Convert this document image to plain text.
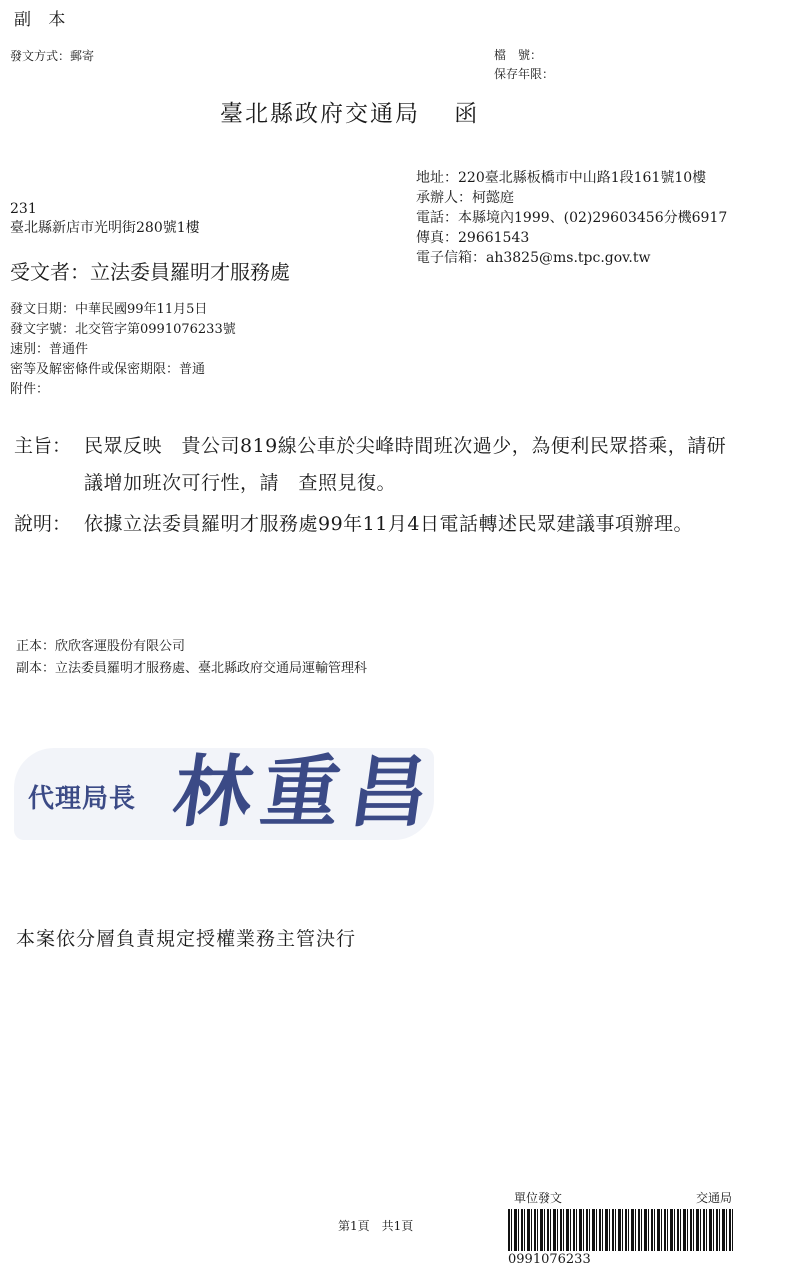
副 本
發文方式：郵寄	檔　號：
保存年限：
臺北縣政府交通局　 函
地址：220臺北縣板橋市中山路1段161號10樓
承辦人：柯懿庭
電話：本縣境內1999、(02)29603456分機6917
傳真：29661543
電子信箱：ah3825@ms.tpc.gov.tw
231
臺北縣新店市光明街280號1樓
受文者：立法委員羅明才服務處
發文日期：中華民國99年11月5日
發文字號：北交管字第0991076233號
速別：普通件
密等及解密條件或保密期限：普通
附件：
主旨： 民眾反映　貴公司819線公車於尖峰時間班次過少，為便利民眾搭乘，請研議增加班次可行性，請　查照見復。
說明： 依據立法委員羅明才服務處99年11月4日電話轉述民眾建議事項辦理。
正本：欣欣客運股份有限公司
副本：立法委員羅明才服務處、臺北縣政府交通局運輸管理科
代理局長 林重昌
本案依分層負責規定授權業務主管決行
第1頁　共1頁
單位發文	交通局
0991076233
